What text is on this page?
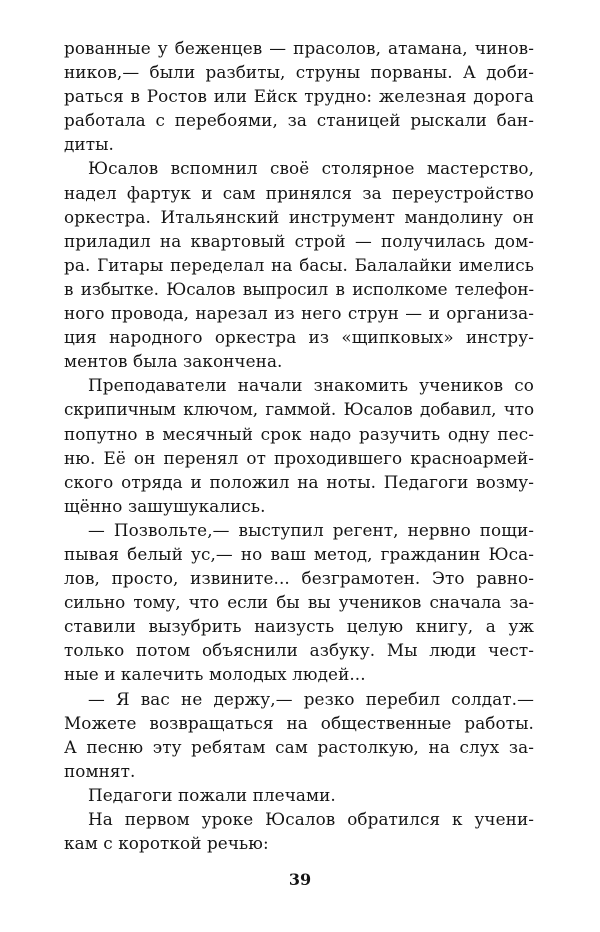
рованные у беженцев — прасолов, атамана, чинов-
ников,— были разбиты, струны порваны. А доби-
раться в Ростов или Ейск трудно: железная дорога
работала с перебоями, за станицей рыскали бан-
диты.
Юсалов вспомнил своё столярное мастерство,
надел фартук и сам принялся за переустройство
оркестра. Итальянский инструмент мандолину он
приладил на квартовый строй — получилась дом-
ра. Гитары переделал на басы. Балалайки имелись
в избытке. Юсалов выпросил в исполкоме телефон-
ного провода, нарезал из него струн — и организа-
ция народного оркестра из «щипковых» инстру-
ментов была закончена.
Преподаватели начали знакомить учеников со
скрипичным ключом, гаммой. Юсалов добавил, что
попутно в месячный срок надо разучить одну пес-
ню. Её он перенял от проходившего красноармей-
ского отряда и положил на ноты. Педагоги возму-
щённо зашушукались.
— Позвольте,— выступил регент, нервно пощи-
пывая белый ус,— но ваш метод, гражданин Юса-
лов, просто, извините... безграмотен. Это равно-
сильно тому, что если бы вы учеников сначала за-
ставили вызубрить наизусть целую книгу, а уж
только потом объяснили азбуку. Мы люди чест-
ные и калечить молодых людей...
— Я вас не держу,— резко перебил солдат.—
Можете возвращаться на общественные работы.
А песню эту ребятам сам растолкую, на слух за-
помнят.
Педагоги пожали плечами.
На первом уроке Юсалов обратился к учени-
кам с короткой речью:
39
